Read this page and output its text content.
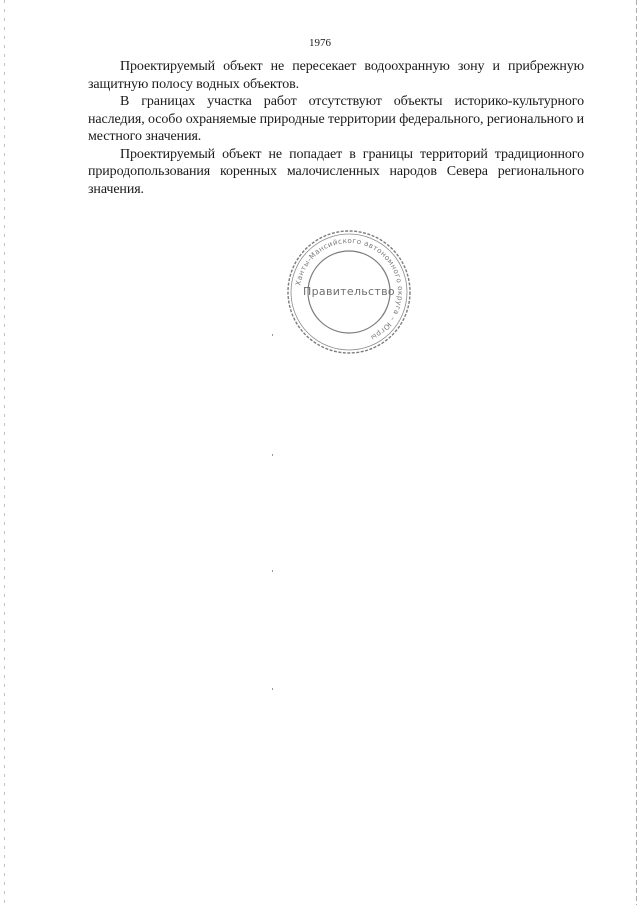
1976

Проектируемый объект не пересекает водоохранную зону и прибрежную защитную полосу водных объектов.

В границах участка работ отсутствуют объекты историко-культурного наследия, особо охраняемые природные территории федерального, регионального и местного значения.

Проектируемый объект не попадает в границы территорий традиционного природопользования коренных малочисленных народов Севера регионального значения.

Ханты-Мансийского автономного округа – Югры
Правительство
